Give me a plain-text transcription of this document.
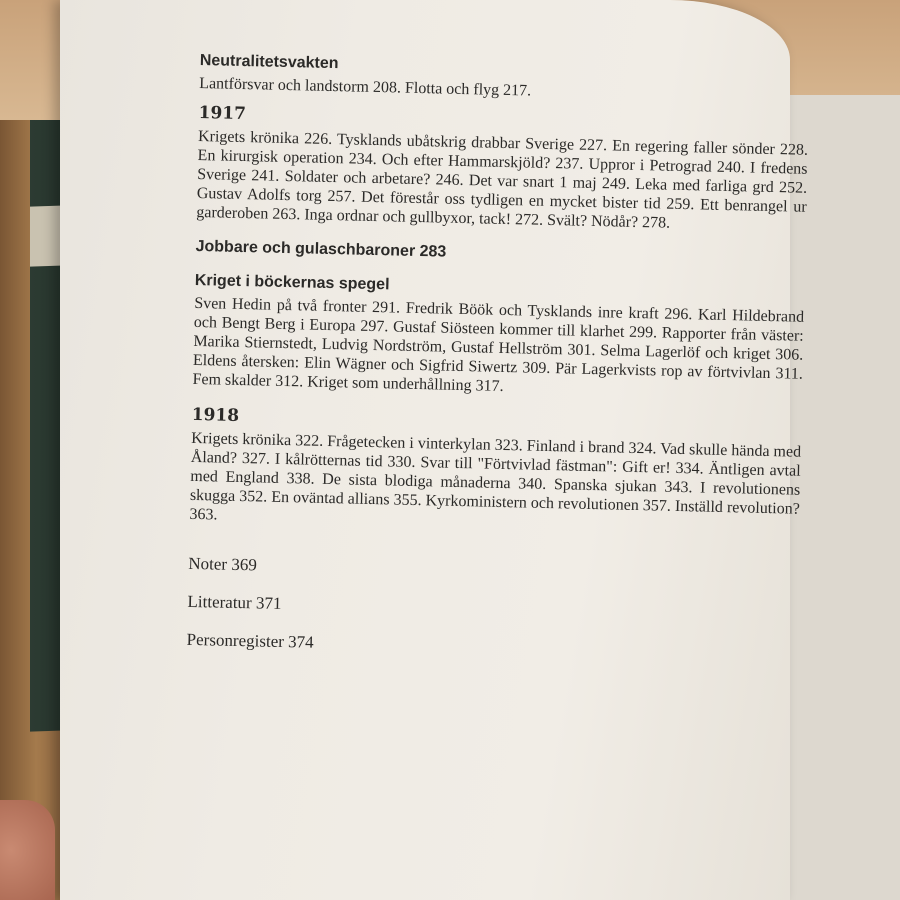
Neutralitetsvakten

Lantförsvar och landstorm 208. Flotta och flyg 217.

1917

Krigets krönika 226. Tysklands ubåtskrig drabbar Sverige 227. En regering faller sönder 228. En kirurgisk operation 234. Och efter Hammarskjöld? 237. Uppror i Petrograd 240. I fredens Sverige 241. Soldater och arbetare? 246. Det var snart 1 maj 249. Leka med farliga grd 252. Gustav Adolfs torg 257. Det förestår oss tydligen en mycket bister tid 259. Ett benrangel ur garderoben 263. Inga ordnar och gullbyxor, tack! 272. Svält? Nödår? 278.

Jobbare och gulaschbaroner 283
Kriget i böckernas spegel

Sven Hedin på två fronter 291. Fredrik Böök och Tysklands inre kraft 296. Karl Hildebrand och Bengt Berg i Europa 297. Gustaf Siösteen kommer till klarhet 299. Rapporter från väster: Marika Stiernstedt, Ludvig Nordström, Gustaf Hellström 301. Selma Lagerlöf och kriget 306. Eldens återsken: Elin Wägner och Sigfrid Siwertz 309. Pär Lagerkvists rop av förtvivlan 311. Fem skalder 312. Kriget som underhållning 317.

1918

Krigets krönika 322. Frågetecken i vinterkylan 323. Finland i brand 324. Vad skulle hända med Åland? 327. I kålrötternas tid 330. Svar till "Förtvivlad fästman": Gift er! 334. Äntligen avtal med England 338. De sista blodiga månaderna 340. Spanska sjukan 343. I revolutionens skugga 352. En oväntad allians 355. Kyrkoministern och revolutionen 357. Inställd revolution? 363.

Noter 369

Litteratur 371

Personregister 374
